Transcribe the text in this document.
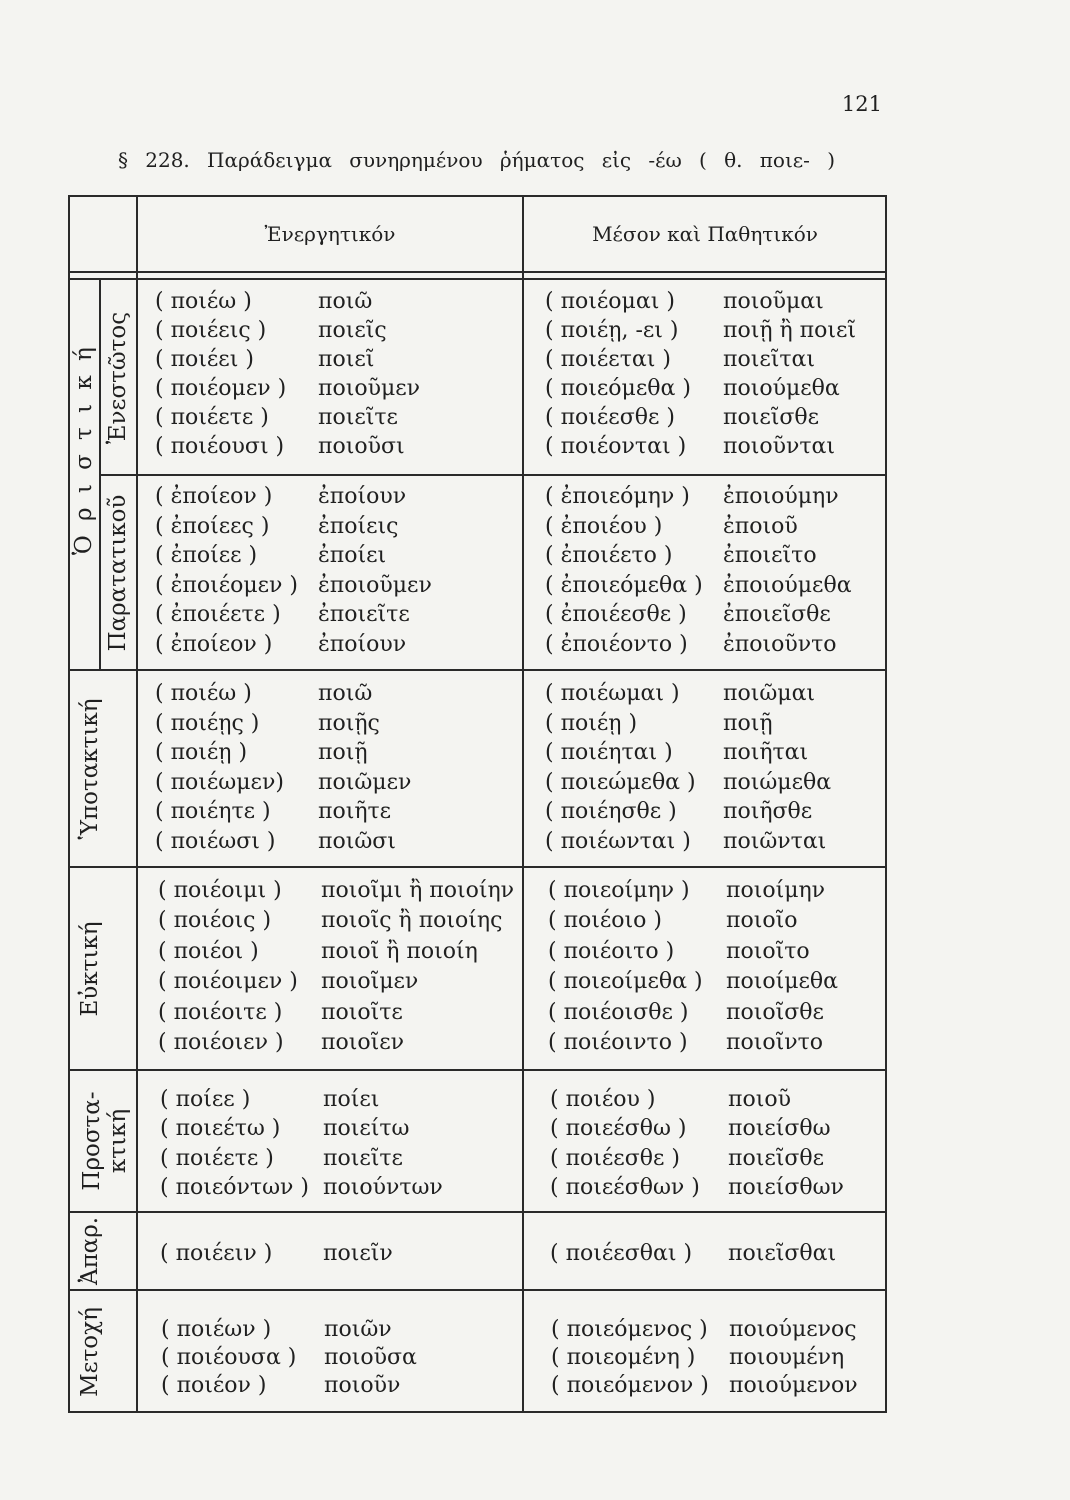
121
§ 228. Παράδειγμα συνηρημένου ῥήματος εἰς -έω ( θ. ποιε- )
Ἐνεργητικόν	Μέσον καὶ Παθητικόν
Ὁριστική Ἐνεστῶτος
( ποιέω )	ποιῶ	( ποιέομαι ) ποιοῦμαι
( ποιέεις ) ποιεῖς	( ποιέῃ, -ει ) ποιῇ ἢ ποιεῖ
( ποιέει )	ποιεῖ	( ποιέεται ) ποιεῖται
( ποιέομεν ) ποιοῦμεν	( ποιεόμεθα ) ποιούμεθα
( ποιέετε ) ποιεῖτε	( ποιέεσθε ) ποιεῖσθε
( ποιέουσι ) ποιοῦσι	( ποιέονται ) ποιοῦνται
Παρατατικοῦ ( ἐποίεον ) ἐποίουν	( ἐποιεόμην ) ἐποιούμην
( ἐποίεες ) ἐποίεις	( ἐποιέου )	ἐποιοῦ
( ἐποίεε )	ἐποίει	( ἐποιέετο ) ἐποιεῖτο
( ἐποιέομεν ) ἐποιοῦμεν	( ἐποιεόμεθα ) ἐποιούμεθα
( ἐποιέετε ) ἐποιεῖτε	( ἐποιέεσθε ) ἐποιεῖσθε
( ἐποίεον ) ἐποίουν	( ἐποιέοντο ) ἐποιοῦντο
Ὑποτακτική
( ποιέω )	ποιῶ	( ποιέωμαι ) ποιῶμαι
( ποιέῃς )	ποιῇς	( ποιέῃ )	ποιῇ
( ποιέῃ )	ποιῇ	( ποιέηται ) ποιῆται
( ποιέωμεν) ποιῶμεν	( ποιεώμεθα ) ποιώμεθα
( ποιέητε ) ποιῆτε	( ποιέησθε ) ποιῆσθε
( ποιέωσι ) ποιῶσι	( ποιέωνται ) ποιῶνται
Εὐκτική
( ποιέοιμι ) ποιοῖμι ἢ ποιοίην ( ποιεοίμην ) ποιοίμην
( ποιέοις ) ποιοῖς ἢ ποιοίης ( ποιέοιο )	ποιοῖο
( ποιέοι )	ποιοῖ ἢ ποιοίη	( ποιέοιτο ) ποιοῖτο
( ποιέοιμεν ) ποιοῖμεν	( ποιεοίμεθα ) ποιοίμεθα
( ποιέοιτε ) ποιοῖτε	( ποιέοισθε ) ποιοῖσθε
( ποιέοιεν ) ποιοῖεν	( ποιέοιντο ) ποιοῖντο
Προστα- κτική
( ποίεε )	ποίει	( ποιέου )	ποιοῦ
( ποιεέτω ) ποιείτω	( ποιεέσθω ) ποιείσθω
( ποιέετε ) ποιεῖτε	( ποιέεσθε ) ποιεῖσθε
( ποιεόντων ) ποιούντων	( ποιεέσθων ) ποιείσθων
Ἀπαρ.	( ποιέειν ) ποιεῖν	( ποιέεσθαι ) ποιεῖσθαι
Μετοχή	( ποιέων ) ποιῶν	( ποιεόμενος ) ποιούμενος
( ποιέουσα ) ποιοῦσα	( ποιεομένη ) ποιουμένη
( ποιέον )	ποιοῦν	( ποιεόμενον ) ποιούμενον
